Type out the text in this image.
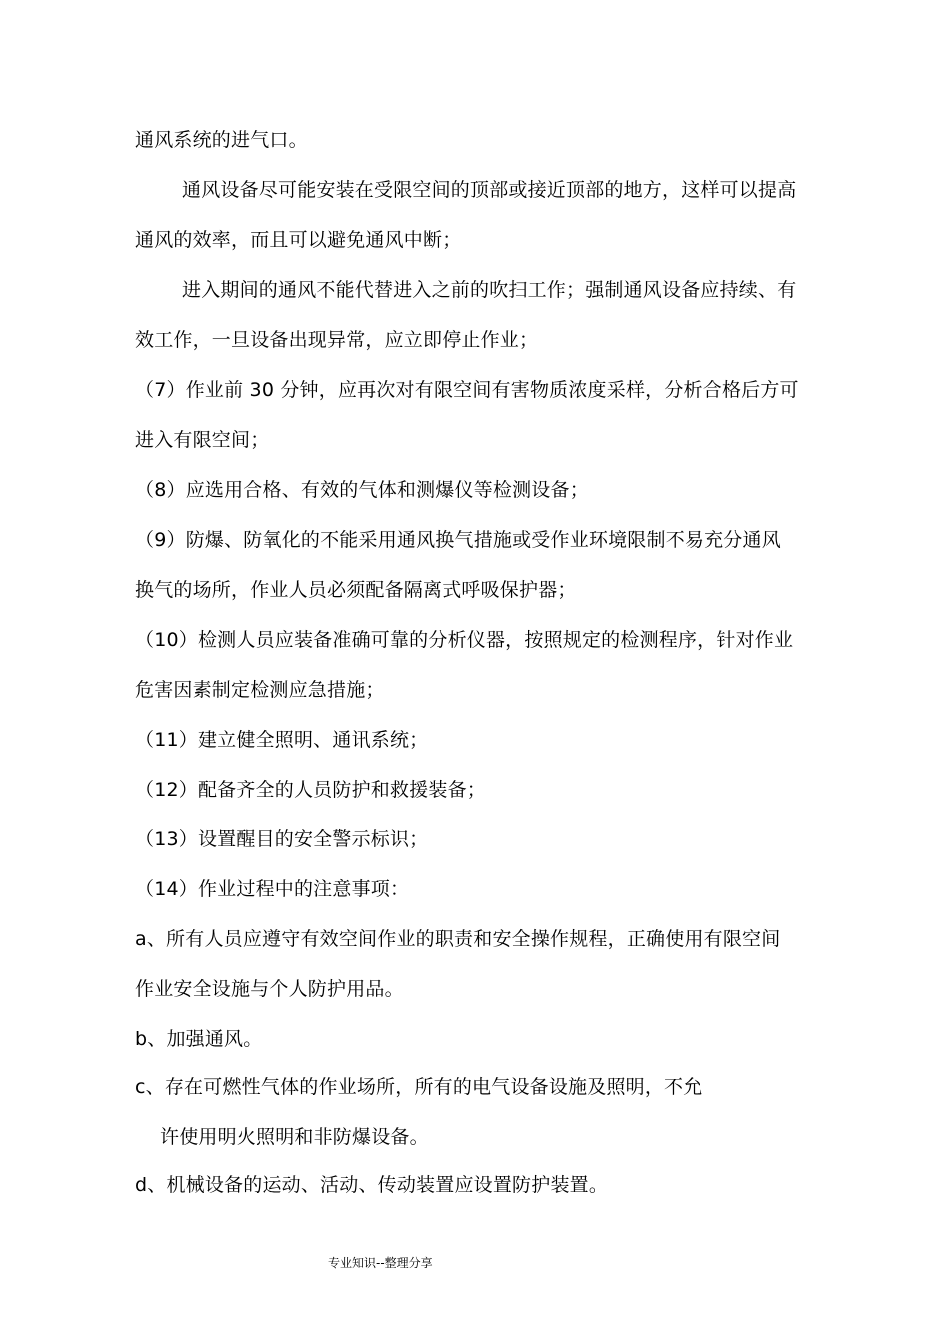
通风系统的进气口。
通风设备尽可能安装在受限空间的顶部或接近顶部的地方，这样可以提高
通风的效率，而且可以避免通风中断；
进入期间的通风不能代替进入之前的吹扫工作；强制通风设备应持续、有
效工作，一旦设备出现异常，应立即停止作业；
（7）作业前 30 分钟，应再次对有限空间有害物质浓度采样，分析合格后方可
进入有限空间；
（8）应选用合格、有效的气体和测爆仪等检测设备；
（9）防爆、防氧化的不能采用通风换气措施或受作业环境限制不易充分通风
换气的场所，作业人员必须配备隔离式呼吸保护器；
（10）检测人员应装备准确可靠的分析仪器，按照规定的检测程序，针对作业
危害因素制定检测应急措施；
（11）建立健全照明、通讯系统；
（12）配备齐全的人员防护和救援装备；
（13）设置醒目的安全警示标识；
（14）作业过程中的注意事项：
a、所有人员应遵守有效空间作业的职责和安全操作规程，正确使用有限空间
作业安全设施与个人防护用品。
b、加强通风。
c、存在可燃性气体的作业场所，所有的电气设备设施及照明，不允
许使用明火照明和非防爆设备。
d、机械设备的运动、活动、传动装置应设置防护装置。
专业知识--整理分享
